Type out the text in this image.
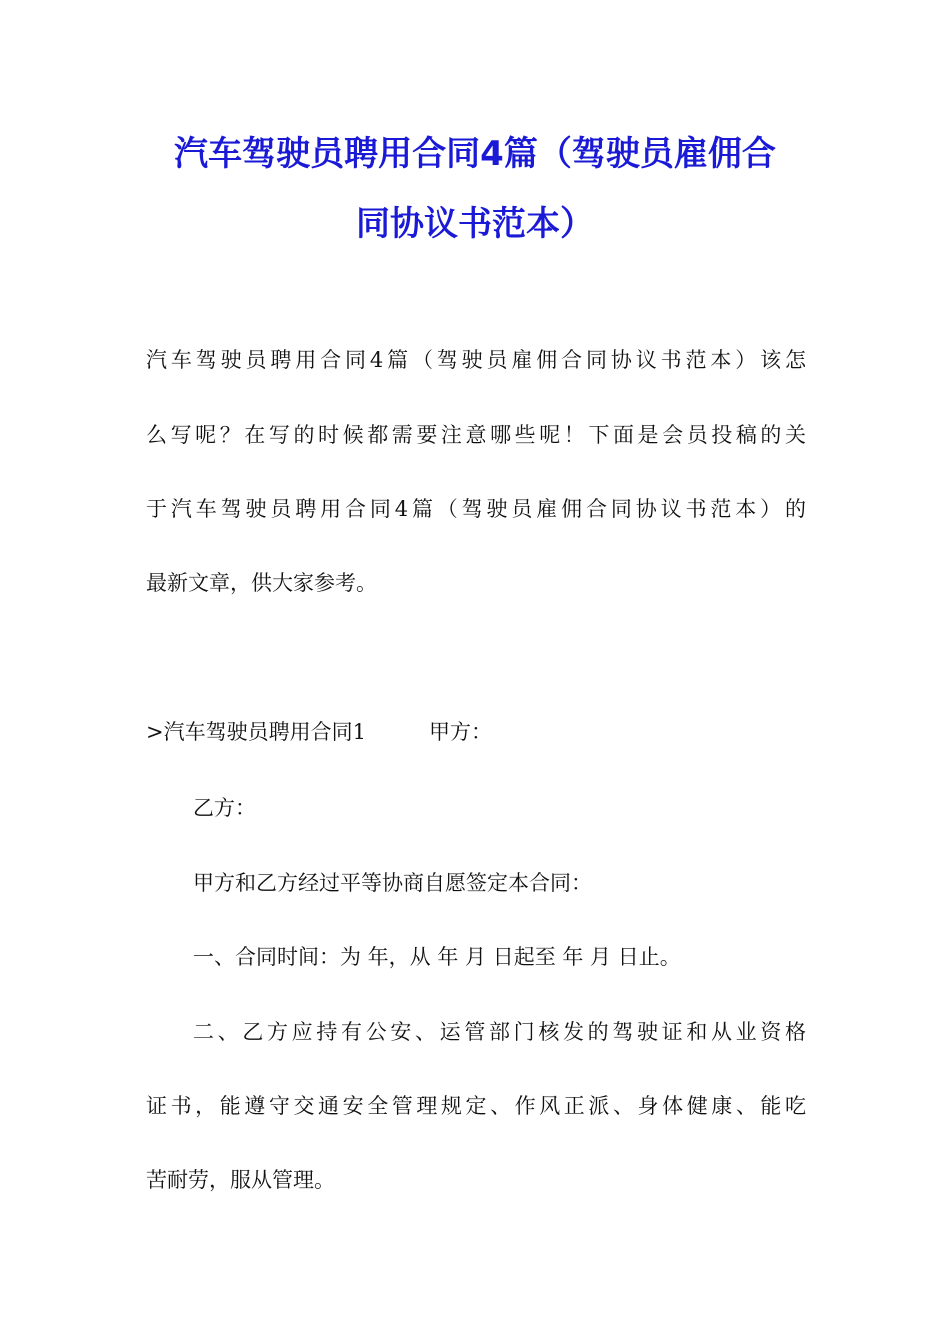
汽车驾驶员聘用合同4篇（驾驶员雇佣合
同协议书范本）
汽车驾驶员聘用合同4篇（驾驶员雇佣合同协议书范本）该怎
么写呢？在写的时候都需要注意哪些呢！下面是会员投稿的关
于汽车驾驶员聘用合同4篇（驾驶员雇佣合同协议书范本）的
最新文章，供大家参考。
>汽车驾驶员聘用合同1　　　甲方：
乙方：
甲方和乙方经过平等协商自愿签定本合同：
一、合同时间：为 年，从 年 月 日起至 年 月 日止。
二、乙方应持有公安、运管部门核发的驾驶证和从业资格
证书，能遵守交通安全管理规定、作风正派、身体健康、能吃
苦耐劳，服从管理。
